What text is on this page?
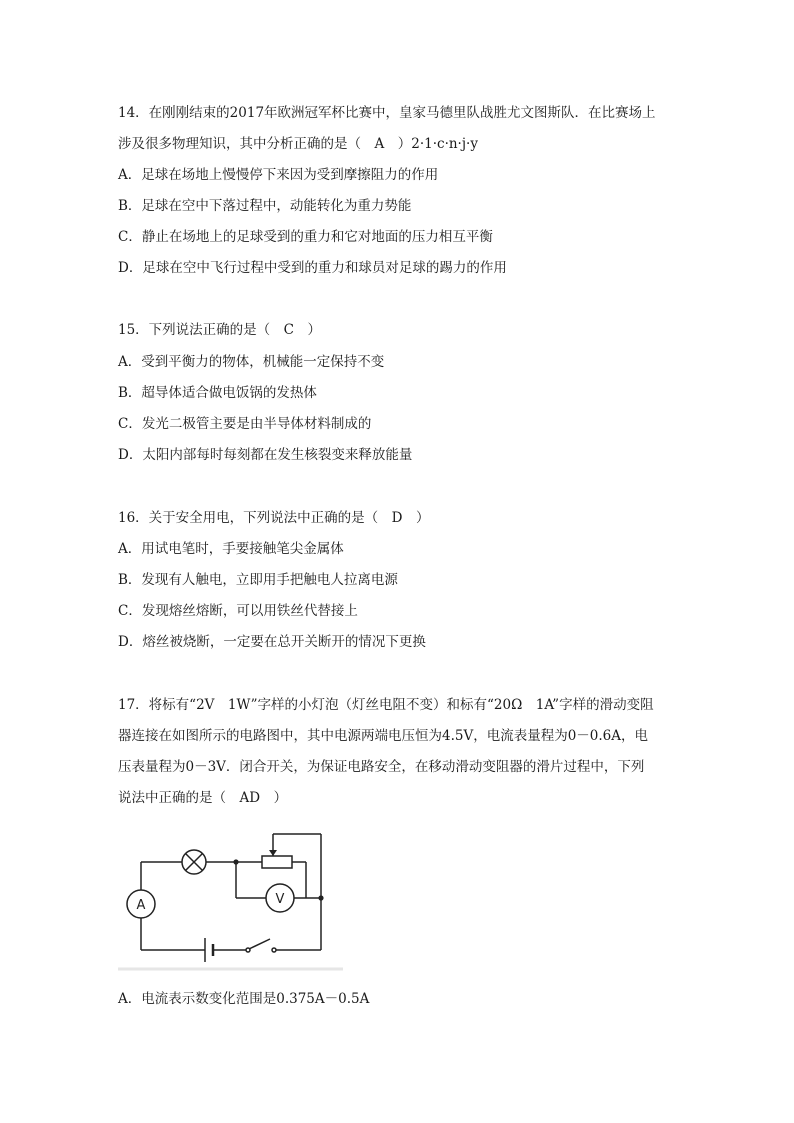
14．在刚刚结束的2017年欧洲冠军杯比赛中，皇家马德里队战胜尤文图斯队．在比赛场上
涉及很多物理知识，其中分析正确的是（　A　）2·1·c·n·j·y
A．足球在场地上慢慢停下来因为受到摩擦阻力的作用
B．足球在空中下落过程中，动能转化为重力势能
C．静止在场地上的足球受到的重力和它对地面的压力相互平衡
D．足球在空中飞行过程中受到的重力和球员对足球的踢力的作用
15．下列说法正确的是（　C　）
A．受到平衡力的物体，机械能一定保持不变
B．超导体适合做电饭锅的发热体
C．发光二极管主要是由半导体材料制成的
D．太阳内部每时每刻都在发生核裂变来释放能量
16．关于安全用电，下列说法中正确的是（　D　）
A．用试电笔时，手要接触笔尖金属体
B．发现有人触电，立即用手把触电人拉离电源
C．发现熔丝熔断，可以用铁丝代替接上
D．熔丝被烧断，一定要在总开关断开的情况下更换
17．将标有“2V　1W”字样的小灯泡（灯丝电阻不变）和标有“20Ω　1A”字样的滑动变阻
器连接在如图所示的电路图中，其中电源两端电压恒为4.5V，电流表量程为0－0.6A，电
压表量程为0－3V．闭合开关，为保证电路安全，在移动滑动变阻器的滑片过程中，下列
说法中正确的是（　AD　）
V
A
A．电流表示数变化范围是0.375A－0.5A
